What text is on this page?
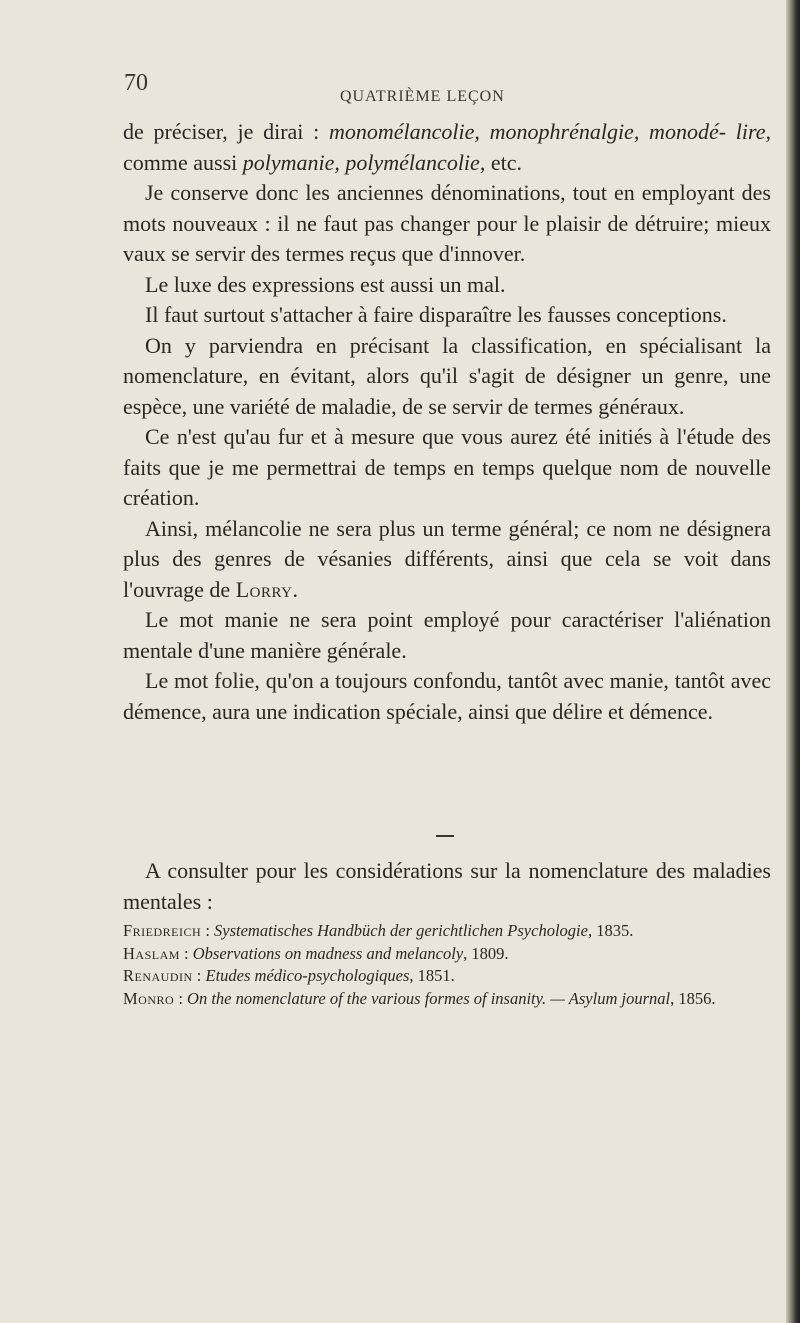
70
QUATRIÈME LEÇON

de préciser, je dirai : monomélancolie, monophrénalgie, monodé- lire, comme aussi polymanie, polymélancolie, etc.

Je conserve donc les anciennes dénominations, tout en employant des mots nouveaux : il ne faut pas changer pour le plaisir de détruire; mieux vaux se servir des termes reçus que d'innover.

Le luxe des expressions est aussi un mal.

Il faut surtout s'attacher à faire disparaître les fausses conceptions.

On y parviendra en précisant la classification, en spécialisant la nomenclature, en évitant, alors qu'il s'agit de désigner un genre, une espèce, une variété de maladie, de se servir de termes généraux.

Ce n'est qu'au fur et à mesure que vous aurez été initiés à l'étude des faits que je me permettrai de temps en temps quelque nom de nouvelle création.

Ainsi, mélancolie ne sera plus un terme général; ce nom ne désignera plus des genres de vésanies différents, ainsi que cela se voit dans l'ouvrage de Lorry.

Le mot manie ne sera point employé pour caractériser l'aliénation mentale d'une manière générale.

Le mot folie, qu'on a toujours confondu, tantôt avec manie, tantôt avec démence, aura une indication spéciale, ainsi que délire et démence.

A consulter pour les considérations sur la nomenclature des maladies mentales :

Friedreich : Systematisches Handbüch der gerichtlichen Psychologie, 1835.

Haslam : Observations on madness and melancoly, 1809.

Renaudin : Etudes médico-psychologiques, 1851.

Monro : On the nomenclature of the various formes of insanity. — Asylum journal, 1856.
